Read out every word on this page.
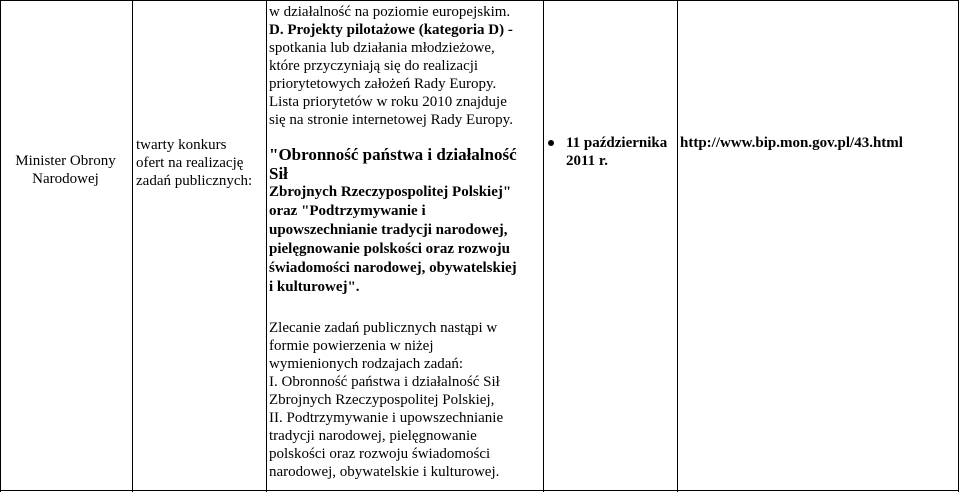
Minister Obrony
Narodowej
twarty konkurs
ofert na realizację
zadań publicznych:
w działalność na poziomie europejskim.
D. Projekty pilotażowe (kategoria D) -
spotkania lub działania młodzieżowe,
które przyczyniają się do realizacji
priorytetowych założeń Rady Europy.
Lista priorytetów w roku 2010 znajduje
się na stronie internetowej Rady Europy.
"Obronność państwa i działalność Sił
Zbrojnych Rzeczypospolitej Polskiej"
oraz "Podtrzymywanie i
upowszechnianie tradycji narodowej,
pielęgnowanie polskości oraz rozwoju
świadomości narodowej, obywatelskiej
i kulturowej".
Zlecanie zadań publicznych nastąpi w
formie powierzenia w niżej
wymienionych rodzajach zadań:
I. Obronność państwa i działalność Sił
Zbrojnych Rzeczypospolitej Polskiej,
II. Podtrzymywanie i upowszechnianie
tradycji narodowej, pielęgnowanie
polskości oraz rozwoju świadomości
narodowej, obywatelskie i kulturowej.
11 października
2011 r.
http://www.bip.mon.gov.pl/43.html
